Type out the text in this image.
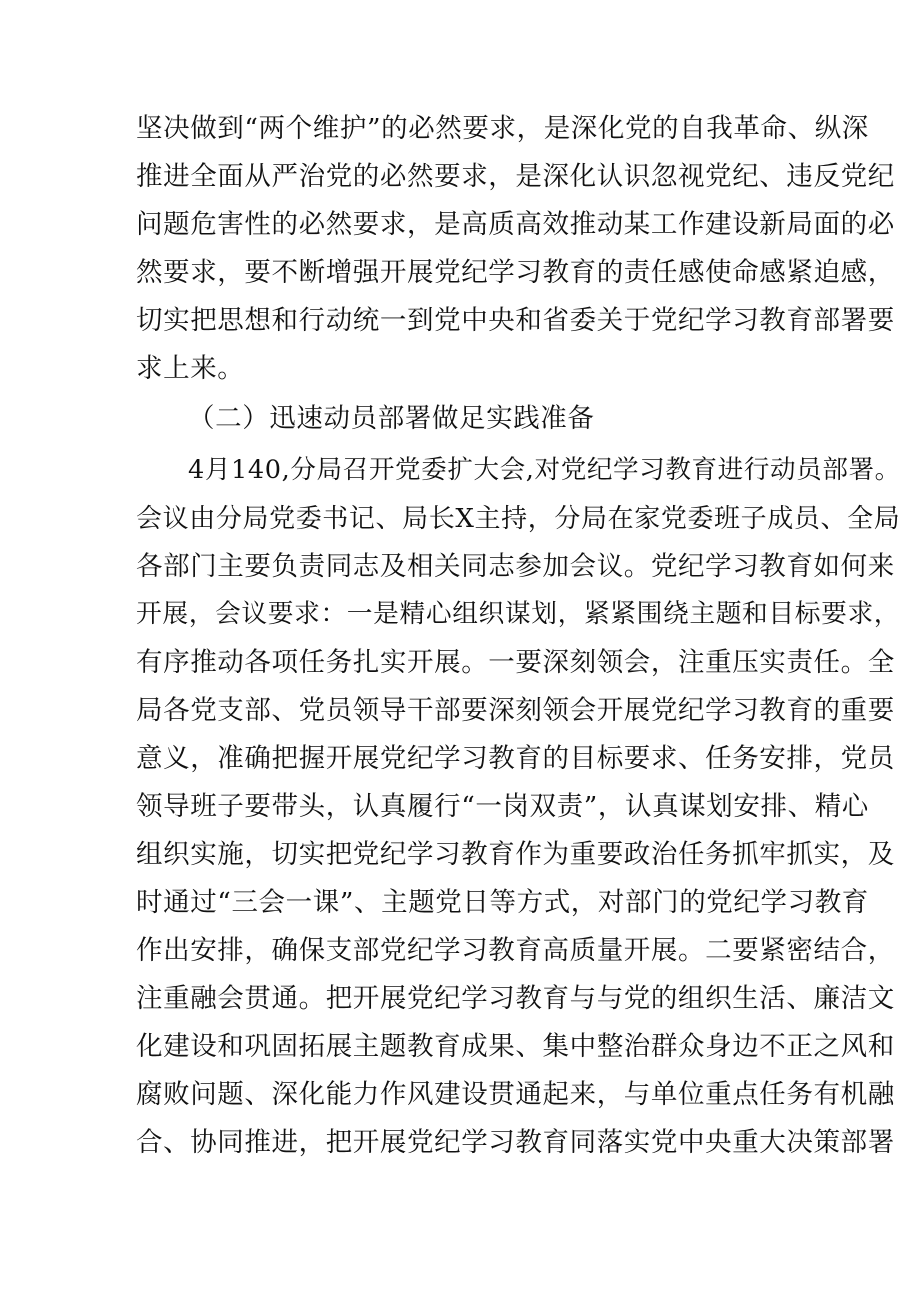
坚决做到“两个维护”的必然要求，是深化党的自我革命、纵深
推进全面从严治党的必然要求，是深化认识忽视党纪、违反党纪
问题危害性的必然要求，是高质高效推动某工作建设新局面的必
然要求，要不断增强开展党纪学习教育的责任感使命感紧迫感，
切实把思想和行动统一到党中央和省委关于党纪学习教育部署要
求上来。
（二）迅速动员部署做足实践准备
4月140,分局召开党委扩大会,对党纪学习教育进行动员部署。
会议由分局党委书记、局长X主持，分局在家党委班子成员、全局
各部门主要负责同志及相关同志参加会议。党纪学习教育如何来
开展，会议要求：一是精心组织谋划，紧紧围绕主题和目标要求，
有序推动各项任务扎实开展。一要深刻领会，注重压实责任。全
局各党支部、党员领导干部要深刻领会开展党纪学习教育的重要
意义，准确把握开展党纪学习教育的目标要求、任务安排，党员
领导班子要带头，认真履行“一岗双责”，认真谋划安排、精心
组织实施，切实把党纪学习教育作为重要政治任务抓牢抓实，及
时通过“三会一课”、主题党日等方式，对部门的党纪学习教育
作出安排，确保支部党纪学习教育高质量开展。二要紧密结合，
注重融会贯通。把开展党纪学习教育与与党的组织生活、廉洁文
化建设和巩固拓展主题教育成果、集中整治群众身边不正之风和
腐败问题、深化能力作风建设贯通起来，与单位重点任务有机融
合、协同推进，把开展党纪学习教育同落实党中央重大决策部署
